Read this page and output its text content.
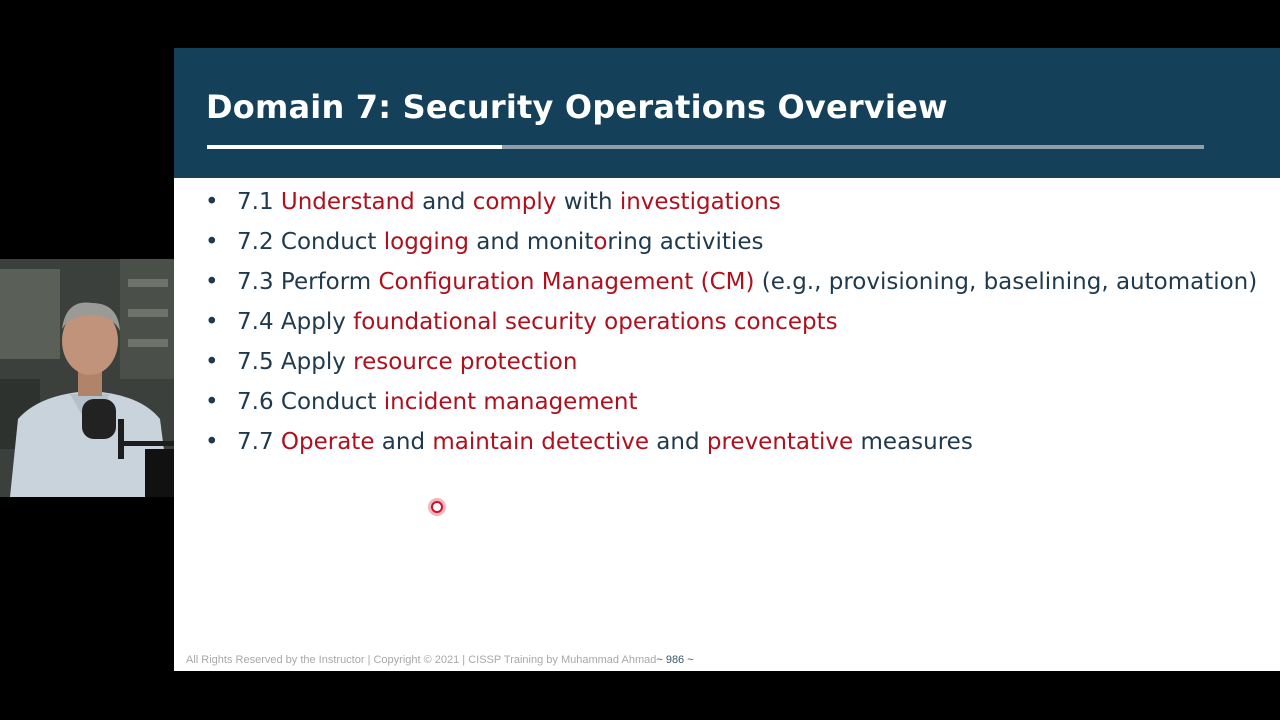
Domain 7: Security Operations Overview
• 7.1 Understand and comply with investigations
• 7.2 Conduct logging and monitoring activities
• 7.3 Perform Configuration Management (CM) (e.g., provisioning, baselining, automation)
• 7.4 Apply foundational security operations concepts
• 7.5 Apply resource protection
• 7.6 Conduct incident management
• 7.7 Operate and maintain detective and preventative measures
All Rights Reserved by the Instructor | Copyright © 2021 | CISSP Training by Muhammad Ahmad~ 986 ~
